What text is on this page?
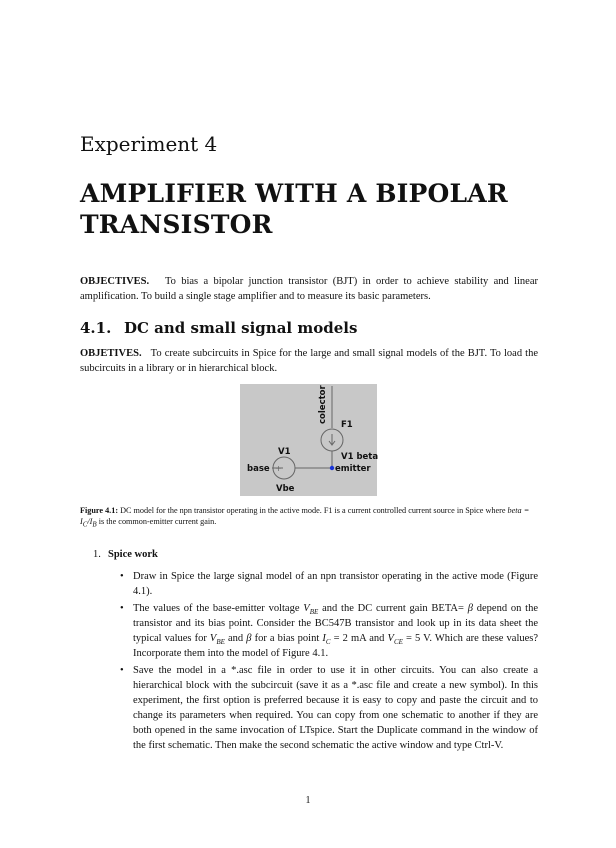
Experiment 4
AMPLIFIER WITH A BIPOLAR TRANSISTOR
OBJECTIVES. To bias a bipolar junction transistor (BJT) in order to achieve stability and linear amplification. To build a single stage amplifier and to measure its basic parameters.
4.1. DC and small signal models
OBJETIVES. To create subcircuits in Spice for the large and small signal models of the BJT. To load the subcircuits in a library or in hierarchical block.
+
colector
F1
V1	V1 beta
base	emitter
Vbe
Figure 4.1: DC model for the npn transistor operating in the active mode. F1 is a current controlled current source in Spice where beta = $I_C/I_B$ is the common-emitter current gain.
1. Spice work
• Draw in Spice the large signal model of an npn transistor operating in the active mode (Figure 4.1).
• The values of the base-emitter voltage $V_{BE}$ and the DC current gain BETA= β depend on the transistor and its bias point. Consider the BC547B transistor and look up in its data sheet the typical values for $V_{BE}$ and β for a bias point $I_C = 2$ mA and $V_{CE} = 5$ V. Which are these values? Incorporate them into the model of Figure 4.1.
• Save the model in a *.asc file in order to use it in other circuits. You can also create a hierarchical block with the subcircuit (save it as a *.asc file and create a new symbol). In this experiment, the first option is preferred because it is easy to copy and paste the circuit and to change its parameters when required. You can copy from one schematic to another if they are both opened in the same invocation of LTspice. Start the Duplicate command in the window of the first schematic. Then make the second schematic the active window and type Ctrl-V.
1
